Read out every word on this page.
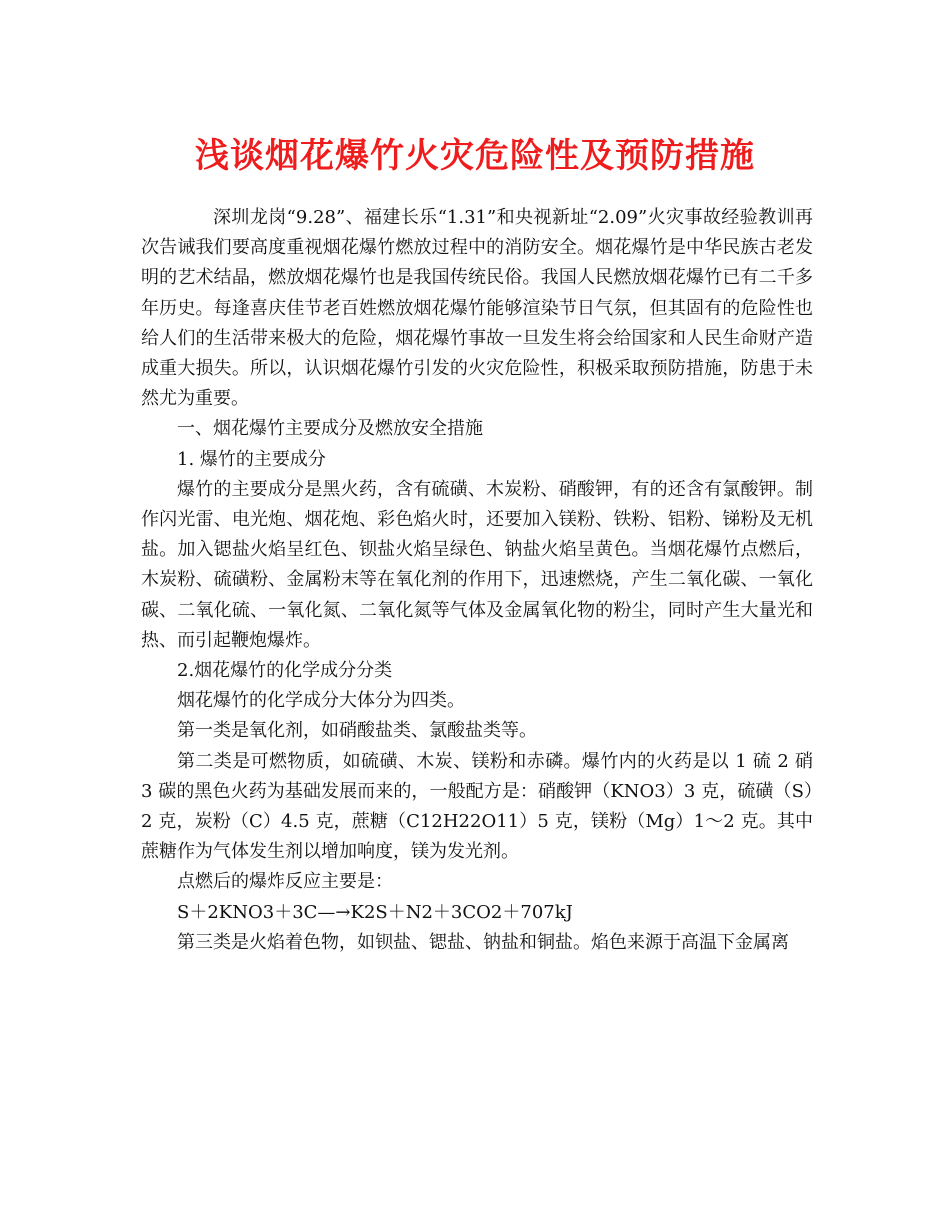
浅谈烟花爆竹火灾危险性及预防措施

深圳龙岗“9.28”、福建长乐“1.31”和央视新址“2.09”火灾事故经验教训再次告诫我们要高度重视烟花爆竹燃放过程中的消防安全。烟花爆竹是中华民族古老发明的艺术结晶，燃放烟花爆竹也是我国传统民俗。我国人民燃放烟花爆竹已有二千多年历史。每逢喜庆佳节老百姓燃放烟花爆竹能够渲染节日气氛，但其固有的危险性也给人们的生活带来极大的危险，烟花爆竹事故一旦发生将会给国家和人民生命财产造成重大损失。所以，认识烟花爆竹引发的火灾危险性，积极采取预防措施，防患于未然尤为重要。

一、烟花爆竹主要成分及燃放安全措施

1. 爆竹的主要成分

爆竹的主要成分是黑火药，含有硫磺、木炭粉、硝酸钾，有的还含有氯酸钾。制作闪光雷、电光炮、烟花炮、彩色焰火时，还要加入镁粉、铁粉、铝粉、锑粉及无机盐。加入锶盐火焰呈红色、钡盐火焰呈绿色、钠盐火焰呈黄色。当烟花爆竹点燃后，木炭粉、硫磺粉、金属粉末等在氧化剂的作用下，迅速燃烧，产生二氧化碳、一氧化碳、二氧化硫、一氧化氮、二氧化氮等气体及金属氧化物的粉尘，同时产生大量光和热、而引起鞭炮爆炸。

2.烟花爆竹的化学成分分类

烟花爆竹的化学成分大体分为四类。

第一类是氧化剂，如硝酸盐类、氯酸盐类等。

第二类是可燃物质，如硫磺、木炭、镁粉和赤磷。爆竹内的火药是以 1 硫 2 硝 3 碳的黑色火药为基础发展而来的，一般配方是：硝酸钾（KNO3）3 克，硫磺（S）2 克，炭粉（C）4.5 克，蔗糖（C12H22O11）5 克，镁粉（Mg）1～2 克。其中蔗糖作为气体发生剂以增加响度，镁为发光剂。

点燃后的爆炸反应主要是：

S＋2KNO3＋3C—→K2S＋N2＋3CO2＋707kJ

第三类是火焰着色物，如钡盐、锶盐、钠盐和铜盐。焰色来源于高温下金属离
